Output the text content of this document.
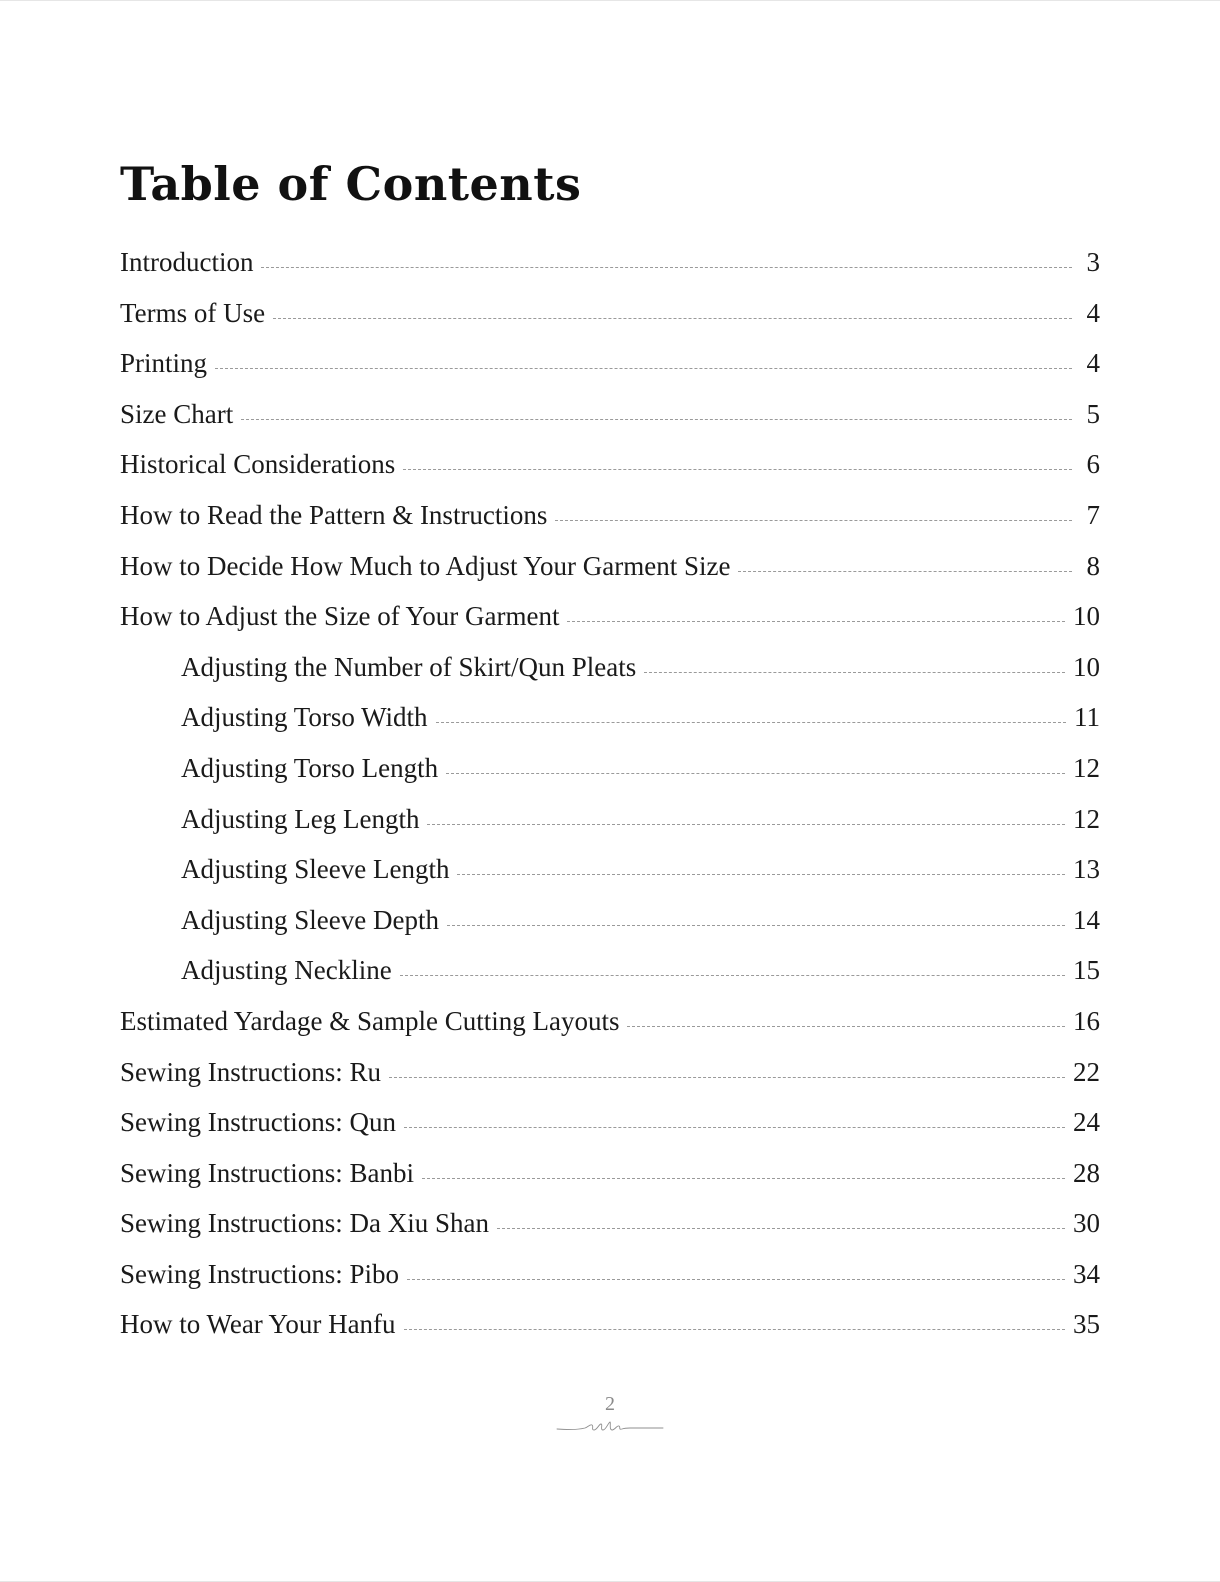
Table of Contents
Introduction	3
Terms of Use	4
Printing	4
Size Chart	5
Historical Considerations	6
How to Read the Pattern & Instructions	7
How to Decide How Much to Adjust Your Garment Size	8
How to Adjust the Size of Your Garment	10
Adjusting the Number of Skirt/Qun Pleats	10
Adjusting Torso Width	11
Adjusting Torso Length	12
Adjusting Leg Length	12
Adjusting Sleeve Length	13
Adjusting Sleeve Depth	14
Adjusting Neckline	15
Estimated Yardage & Sample Cutting Layouts	16
Sewing Instructions: Ru	22
Sewing Instructions: Qun	24
Sewing Instructions: Banbi	28
Sewing Instructions: Da Xiu Shan	30
Sewing Instructions: Pibo	34
How to Wear Your Hanfu	35
2
